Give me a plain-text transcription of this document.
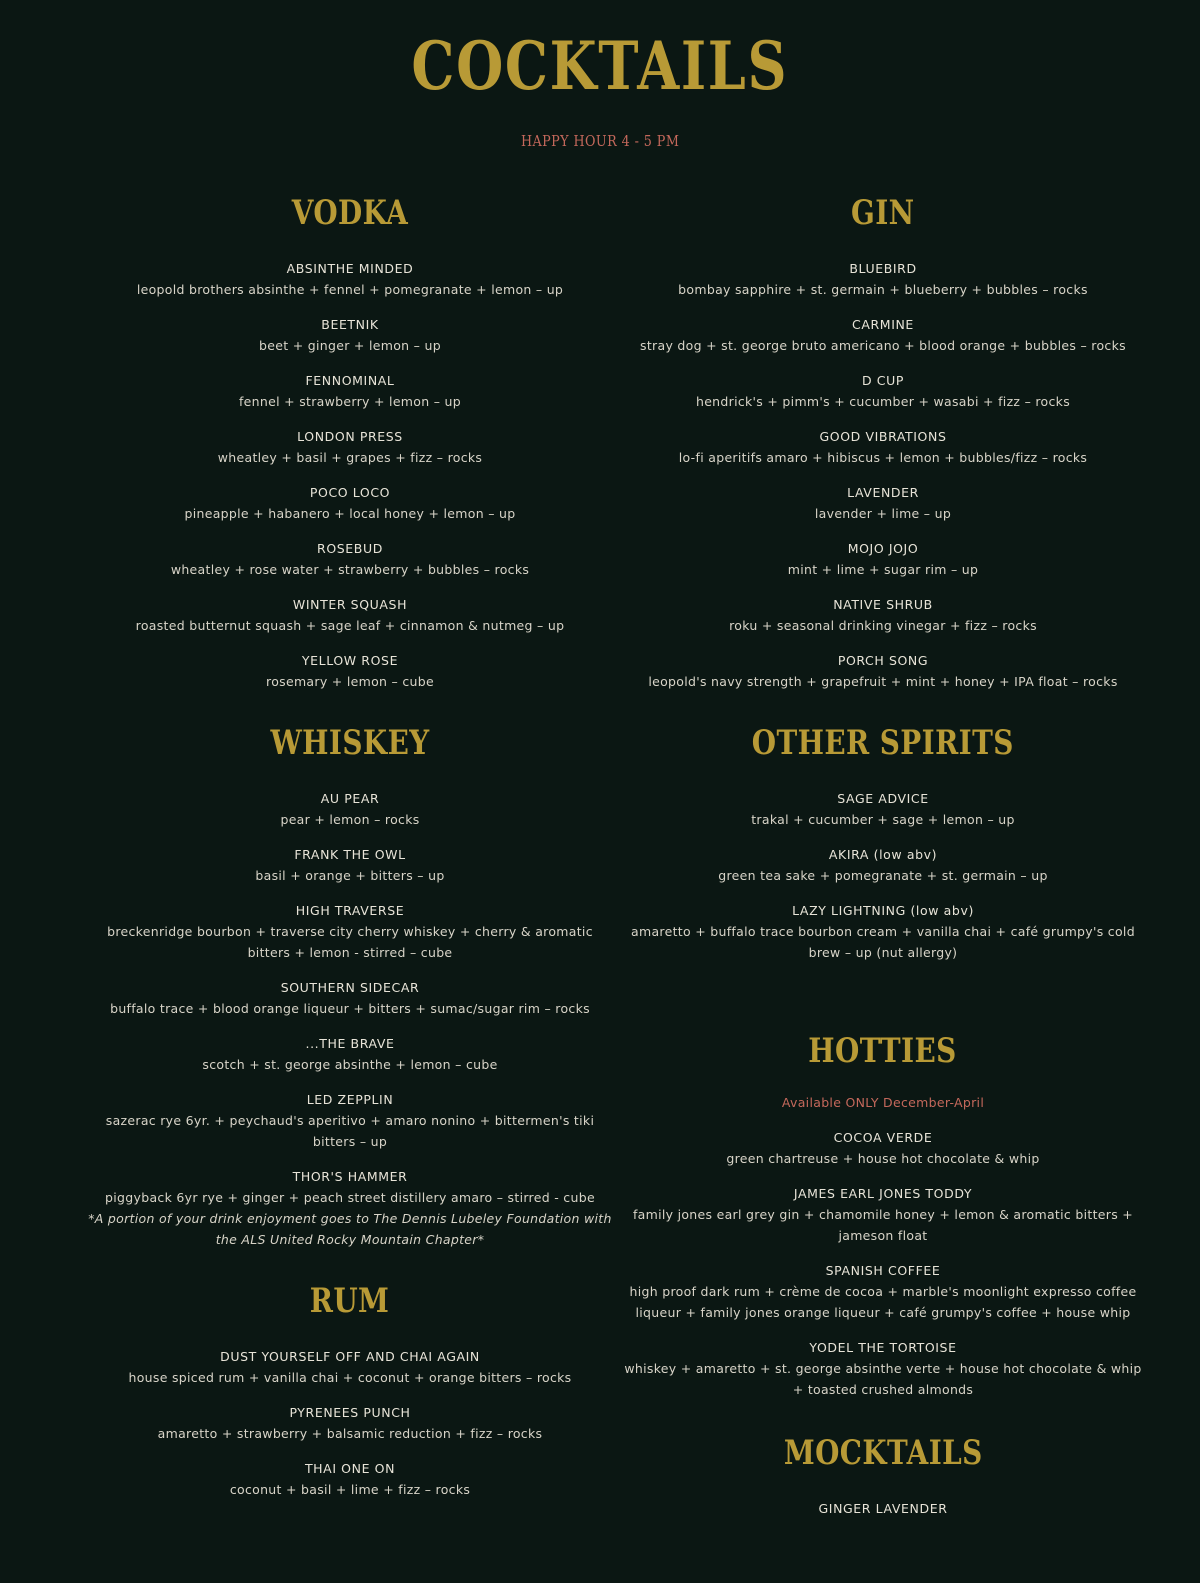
COCKTAILS
HAPPY HOUR 4 - 5 PM
VODKA
ABSINTHE MINDED
leopold brothers absinthe + fennel + pomegranate + lemon – up
BEETNIK
beet + ginger + lemon – up
FENNOMINAL
fennel + strawberry + lemon – up
LONDON PRESS
wheatley + basil + grapes + fizz – rocks
POCO LOCO
pineapple + habanero + local honey + lemon – up
ROSEBUD
wheatley + rose water + strawberry + bubbles – rocks
WINTER SQUASH
roasted butternut squash + sage leaf + cinnamon & nutmeg – up
YELLOW ROSE
rosemary + lemon – cube
WHISKEY
AU PEAR
pear + lemon – rocks
FRANK THE OWL
basil + orange + bitters – up
HIGH TRAVERSE
breckenridge bourbon + traverse city cherry whiskey + cherry & aromatic bitters + lemon - stirred – cube
SOUTHERN SIDECAR
buffalo trace + blood orange liqueur + bitters + sumac/sugar rim – rocks
...THE BRAVE
scotch + st. george absinthe + lemon – cube
LED ZEPPLIN
sazerac rye 6yr. + peychaud's aperitivo + amaro nonino + bittermen's tiki bitters – up
THOR'S HAMMER
piggyback 6yr rye + ginger + peach street distillery amaro – stirred - cube
*A portion of your drink enjoyment goes to The Dennis Lubeley Foundation with the ALS United Rocky Mountain Chapter*
RUM
DUST YOURSELF OFF AND CHAI AGAIN
house spiced rum + vanilla chai + coconut + orange bitters – rocks
PYRENEES PUNCH
amaretto + strawberry + balsamic reduction + fizz – rocks
THAI ONE ON
coconut + basil + lime + fizz – rocks
GIN
BLUEBIRD
bombay sapphire + st. germain + blueberry + bubbles – rocks
CARMINE
stray dog + st. george bruto americano + blood orange + bubbles – rocks
D CUP
hendrick's + pimm's + cucumber + wasabi + fizz – rocks
GOOD VIBRATIONS
lo-fi aperitifs amaro + hibiscus + lemon + bubbles/fizz – rocks
LAVENDER
lavender + lime – up
MOJO JOJO
mint + lime + sugar rim – up
NATIVE SHRUB
roku + seasonal drinking vinegar + fizz – rocks
PORCH SONG
leopold's navy strength + grapefruit + mint + honey + IPA float – rocks
OTHER SPIRITS
SAGE ADVICE
trakal + cucumber + sage + lemon – up
AKIRA (low abv)
green tea sake + pomegranate + st. germain – up
LAZY LIGHTNING (low abv)
amaretto + buffalo trace bourbon cream + vanilla chai + café grumpy's cold brew – up (nut allergy)
HOTTIES
Available ONLY December-April
COCOA VERDE
green chartreuse + house hot chocolate & whip
JAMES EARL JONES TODDY
family jones earl grey gin + chamomile honey + lemon & aromatic bitters + jameson float
SPANISH COFFEE
high proof dark rum + crème de cocoa + marble's moonlight expresso coffee liqueur + family jones orange liqueur + café grumpy's coffee + house whip
YODEL THE TORTOISE
whiskey + amaretto + st. george absinthe verte + house hot chocolate & whip + toasted crushed almonds
MOCKTAILS
GINGER LAVENDER
